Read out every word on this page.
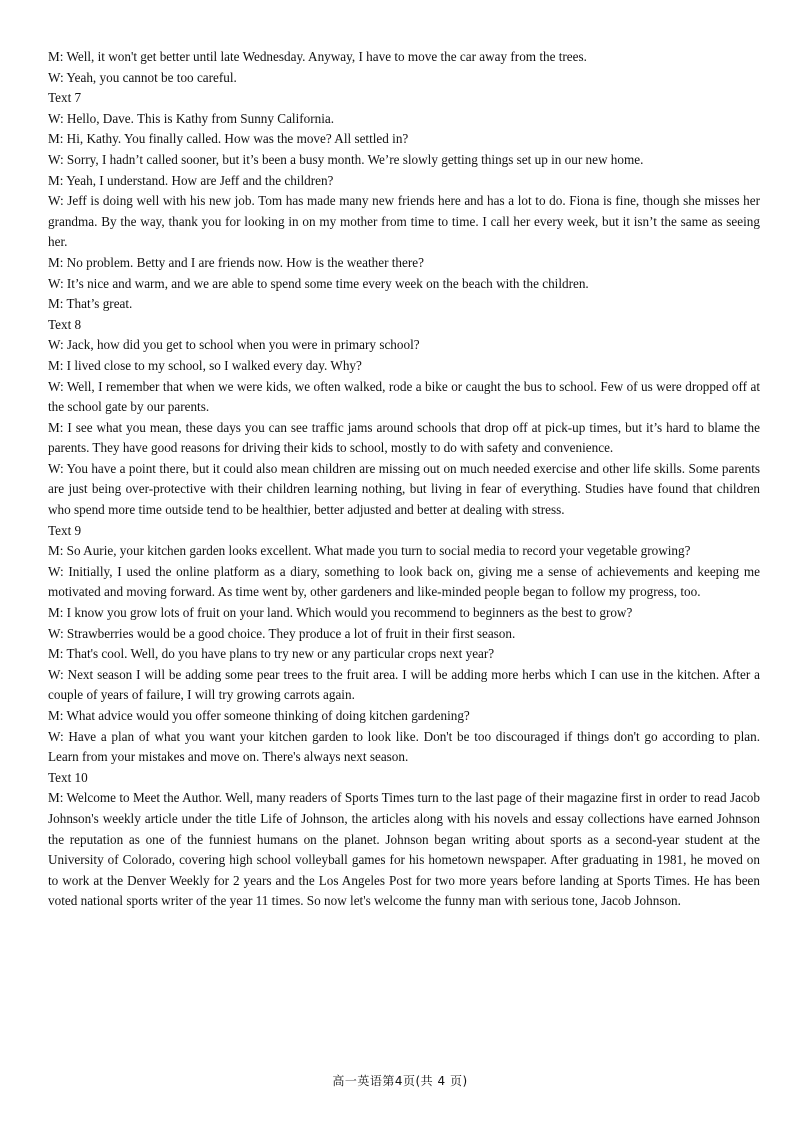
M: Well, it won't get better until late Wednesday. Anyway, I have to move the car away from the trees.
W: Yeah, you cannot be too careful.
Text 7
W: Hello, Dave. This is Kathy from Sunny California.
M: Hi, Kathy. You finally called. How was the move? All settled in?
W: Sorry, I hadn’t called sooner, but it’s been a busy month. We’re slowly getting things set up in our new home.
M: Yeah, I understand. How are Jeff and the children?
W: Jeff is doing well with his new job. Tom has made many new friends here and has a lot to do. Fiona is fine, though she misses her grandma. By the way, thank you for looking in on my mother from time to time. I call her every week, but it isn’t the same as seeing her.
M: No problem. Betty and I are friends now. How is the weather there?
W: It’s nice and warm, and we are able to spend some time every week on the beach with the children.
M: That’s great.
Text 8
W: Jack, how did you get to school when you were in primary school?
M: I lived close to my school, so I walked every day. Why?
W: Well, I remember that when we were kids, we often walked, rode a bike or caught the bus to school. Few of us were dropped off at the school gate by our parents.
M: I see what you mean, these days you can see traffic jams around schools that drop off at pick-up times, but it’s hard to blame the parents. They have good reasons for driving their kids to school, mostly to do with safety and convenience.
W: You have a point there, but it could also mean children are missing out on much needed exercise and other life skills. Some parents are just being over-protective with their children learning nothing, but living in fear of everything. Studies have found that children who spend more time outside tend to be healthier, better adjusted and better at dealing with stress.
Text 9
M: So Aurie, your kitchen garden looks excellent. What made you turn to social media to record your vegetable growing?
W: Initially, I used the online platform as a diary, something to look back on, giving me a sense of achievements and keeping me motivated and moving forward. As time went by, other gardeners and like-minded people began to follow my progress, too.
M: I know you grow lots of fruit on your land. Which would you recommend to beginners as the best to grow?
W: Strawberries would be a good choice. They produce a lot of fruit in their first season.
M: That's cool. Well, do you have plans to try new or any particular crops next year?
W: Next season I will be adding some pear trees to the fruit area. I will be adding more herbs which I can use in the kitchen. After a couple of years of failure, I will try growing carrots again.
M: What advice would you offer someone thinking of doing kitchen gardening?
W: Have a plan of what you want your kitchen garden to look like. Don't be too discouraged if things don't go according to plan. Learn from your mistakes and move on. There's always next season.
Text 10
M: Welcome to Meet the Author. Well, many readers of Sports Times turn to the last page of their magazine first in order to read Jacob Johnson's weekly article under the title Life of Johnson, the articles along with his novels and essay collections have earned Johnson the reputation as one of the funniest humans on the planet. Johnson began writing about sports as a second-year student at the University of Colorado, covering high school volleyball games for his hometown newspaper. After graduating in 1981, he moved on to work at the Denver Weekly for 2 years and the Los Angeles Post for two more years before landing at Sports Times. He has been voted national sports writer of the year 11 times. So now let's welcome the funny man with serious tone, Jacob Johnson.
高一英语第4页(共 4 页)
